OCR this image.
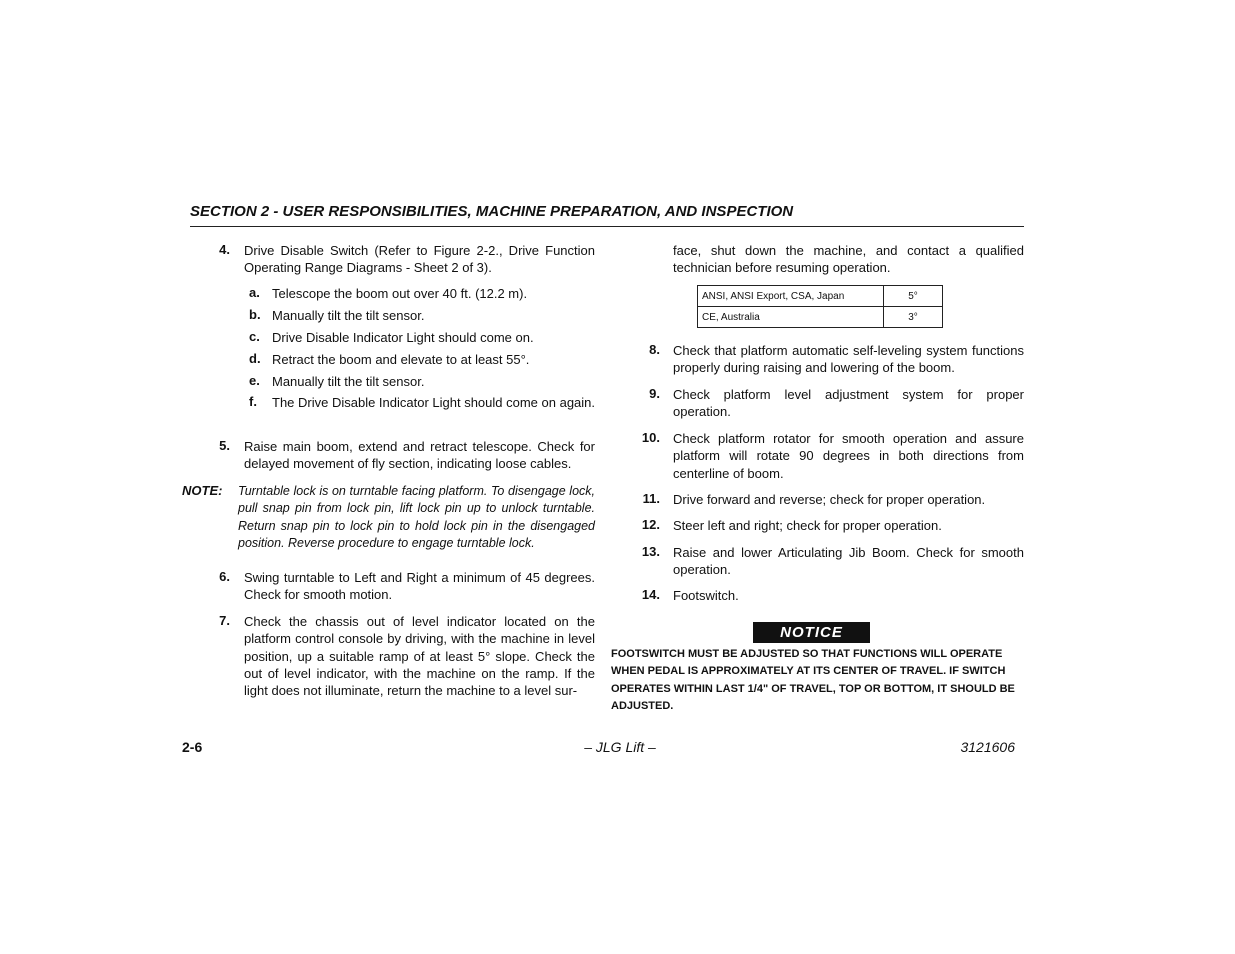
SECTION 2 - USER RESPONSIBILITIES, MACHINE PREPARATION, AND INSPECTION
4. Drive Disable Switch (Refer to Figure 2-2., Drive Function Operating Range Diagrams - Sheet 2 of 3).
a. Telescope the boom out over 40 ft. (12.2 m).
b. Manually tilt the tilt sensor.
c. Drive Disable Indicator Light should come on.
d. Retract the boom and elevate to at least 55°.
e. Manually tilt the tilt sensor.
f.	The Drive Disable Indicator Light should come on again.
5. Raise main boom, extend and retract telescope. Check for delayed movement of fly section, indicating loose cables.
NOTE: Turntable lock is on turntable facing platform. To disengage lock, pull snap pin from lock pin, lift lock pin up to unlock turntable. Return snap pin to lock pin to hold lock pin in the disengaged position. Reverse procedure to engage turntable lock.
6. Swing turntable to Left and Right a minimum of 45 degrees. Check for smooth motion.
7. Check the chassis out of level indicator located on the platform control console by driving, with the machine in level position, up a suitable ramp of at least 5° slope. Check the out of level indicator, with the machine on the ramp. If the light does not illuminate, return the machine to a level sur-
face, shut down the machine, and contact a qualified technician before resuming operation.
ANSI, ANSI Export, CSA, Japan	5°
CE, Australia	3°
8. Check that platform automatic self-leveling system functions properly during raising and lowering of the boom.
9. Check platform level adjustment system for proper operation.
10. Check platform rotator for smooth operation and assure platform will rotate 90 degrees in both directions from centerline of boom.
11. Drive forward and reverse; check for proper operation.
12. Steer left and right; check for proper operation.
13. Raise and lower Articulating Jib Boom. Check for smooth operation.
14. Footswitch.
NOTICE
FOOTSWITCH MUST BE ADJUSTED SO THAT FUNCTIONS WILL OPERATE WHEN PEDAL IS APPROXIMATELY AT ITS CENTER OF TRAVEL. IF SWITCH OPERATES WITHIN LAST 1/4" OF TRAVEL, TOP OR BOTTOM, IT SHOULD BE ADJUSTED.
2-6	– JLG Lift –	3121606
